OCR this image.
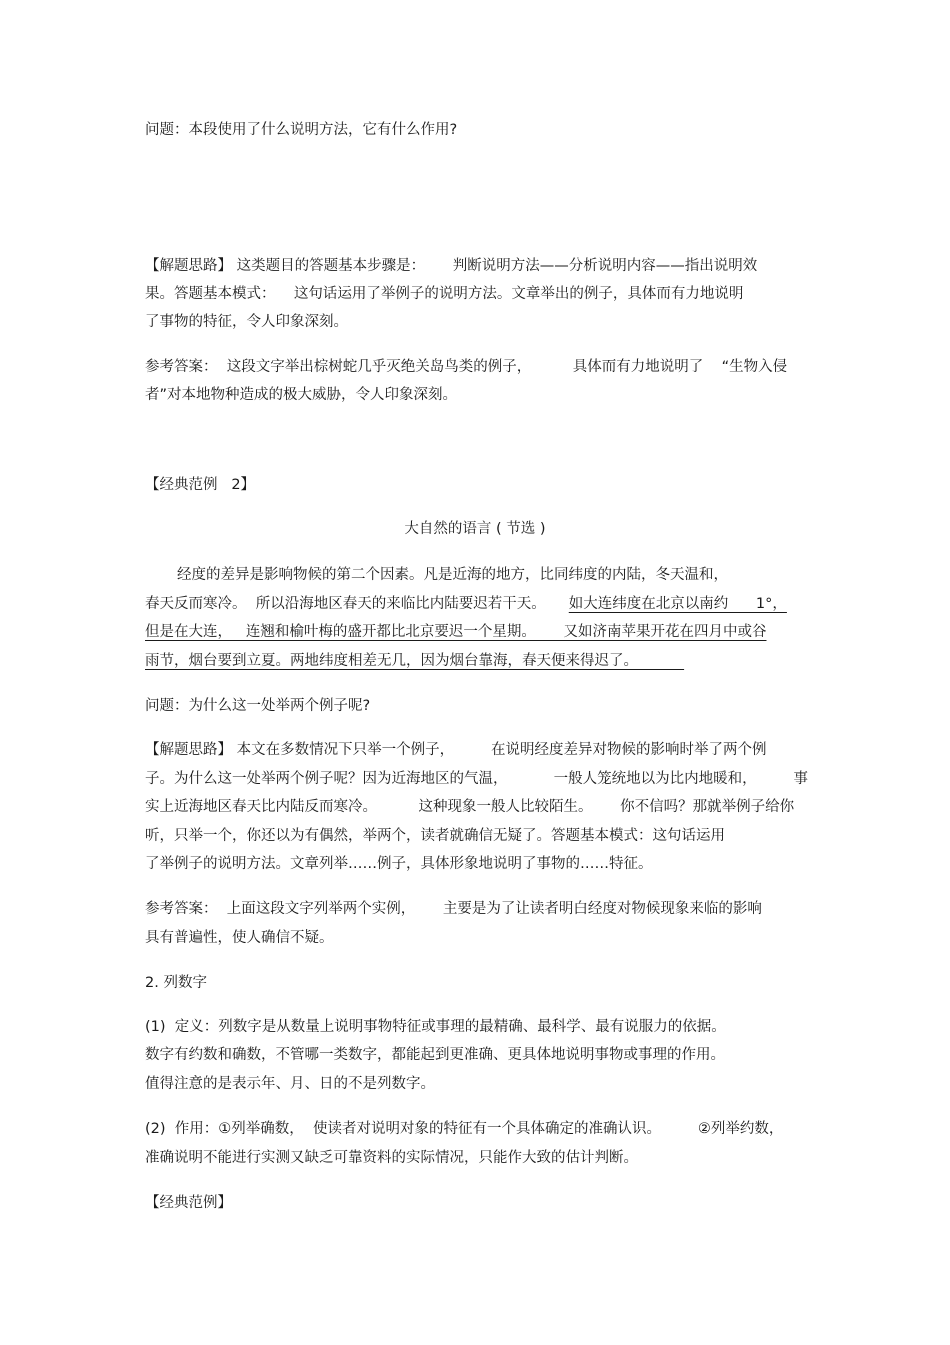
问题：本段使用了什么说明方法，它有什么作用?
【解题思路】 这类题目的答题基本步骤是：      判断说明方法——分析说明内容——指出说明效
果。答题基本模式：    这句话运用了举例子的说明方法。文章举出的例子，具体而有力地说明
了事物的特征，令人印象深刻。
参考答案：  这段文字举出棕树蛇几乎灭绝关岛鸟类的例子，         具体而有力地说明了    “生物入侵
者”对本地物种造成的极大威胁，令人印象深刻。
【经典范例   2】
大自然的语言 ( 节选 )
经度的差异是影响物候的第二个因素。凡是近海的地方，比同纬度的内陆，冬天温和，
春天反而寒冷。  所以沿海地区春天的来临比内陆要迟若干天。     如大连纬度在北京以南约      1°，
但是在大连，   连翘和榆叶梅的盛开都比北京要迟一个星期。      又如济南苹果开花在四月中或谷
雨节，烟台要到立夏。两地纬度相差无几，因为烟台靠海，春天便来得迟了。
问题：为什么这一处举两个例子呢?
【解题思路】 本文在多数情况下只举一个例子，        在说明经度差异对物候的影响时举了两个例
子。为什么这一处举两个例子呢？因为近海地区的气温，          一般人笼统地以为比内地暖和，        事
实上近海地区春天比内陆反而寒冷。         这种现象一般人比较陌生。      你不信吗？那就举例子给你
听，只举一个，你还以为有偶然，举两个，读者就确信无疑了。答题基本模式：这句话运用
了举例子的说明方法。文章列举……例子，具体形象地说明了事物的……特征。
参考答案：  上面这段文字列举两个实例，      主要是为了让读者明白经度对物候现象来临的影响
具有普遍性，使人确信不疑。
2. 列数字
(1)  定义：列数字是从数量上说明事物特征或事理的最精确、最科学、最有说服力的依据。
数字有约数和确数，不管哪一类数字，都能起到更准确、更具体地说明事物或事理的作用。
值得注意的是表示年、月、日的不是列数字。
(2)  作用：①列举确数，  使读者对说明对象的特征有一个具体确定的准确认识。        ②列举约数，
准确说明不能进行实测又缺乏可靠资料的实际情况，只能作大致的估计判断。
【经典范例】
